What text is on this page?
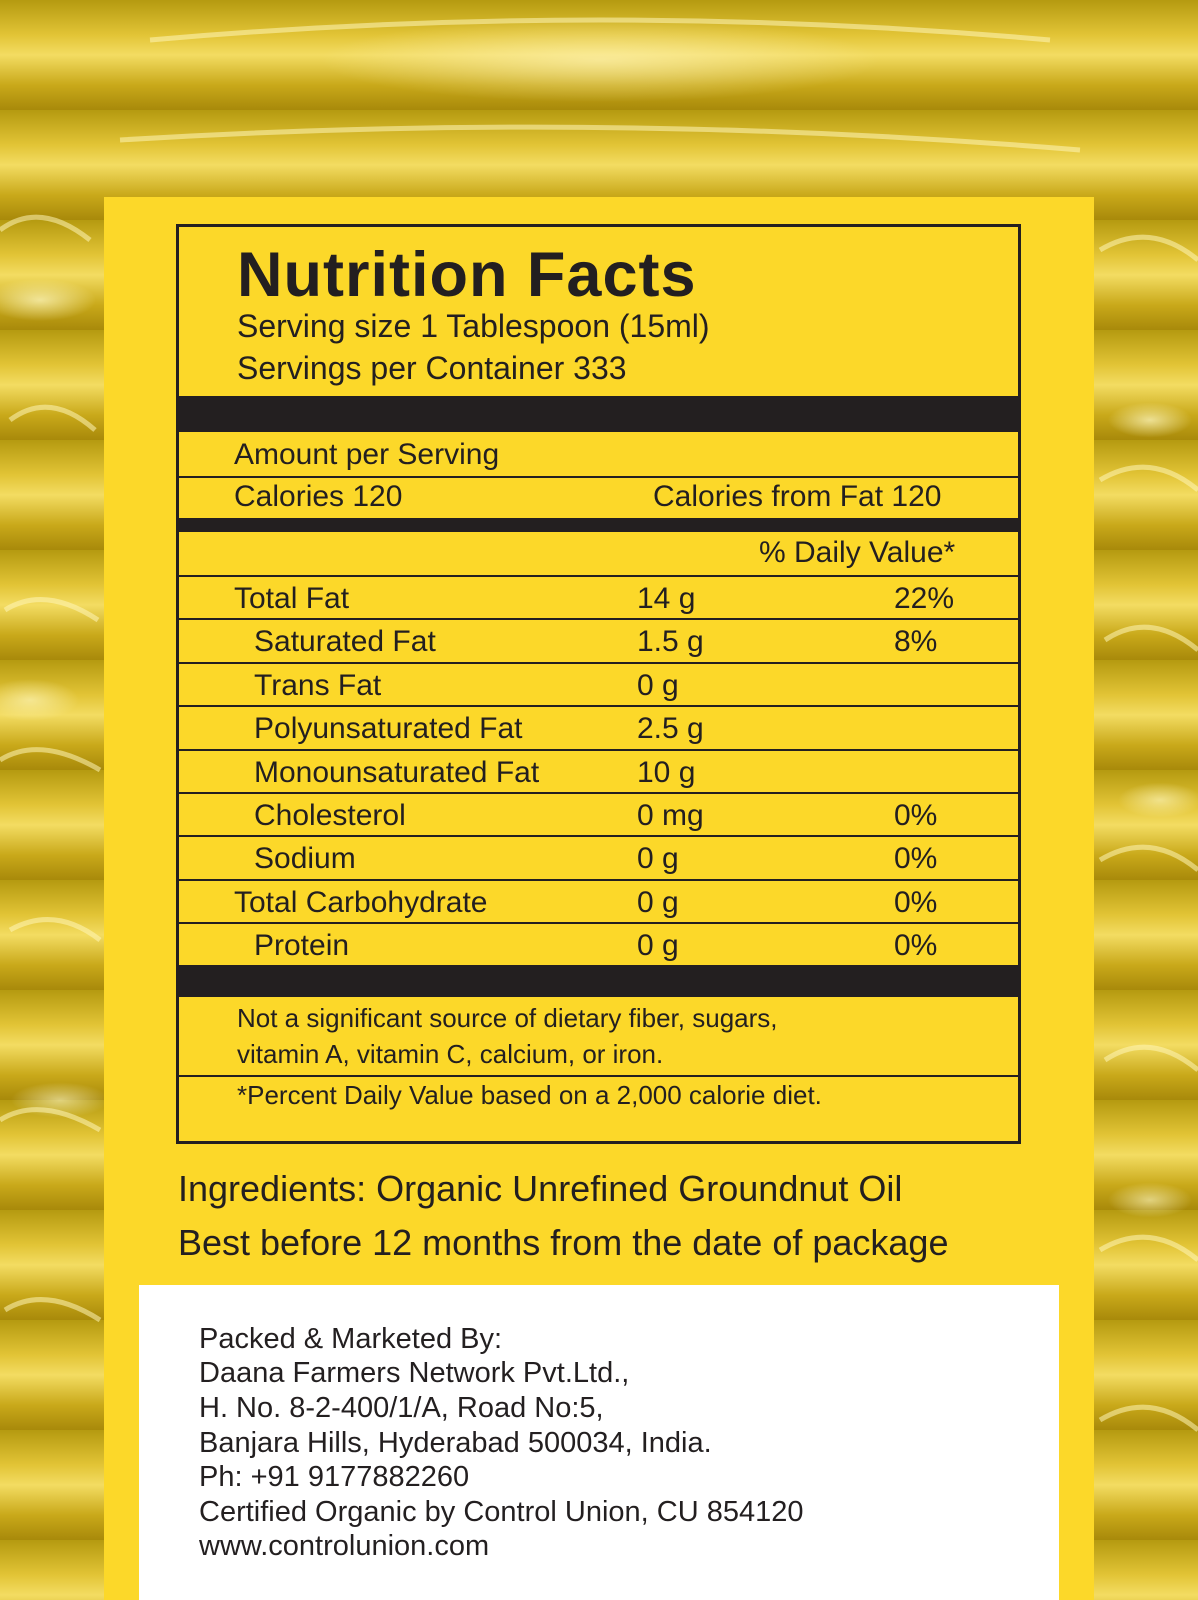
Nutrition Facts
Serving size 1 Tablespoon (15ml)
Servings per Container 333
Amount per Serving
Calories 120	Calories from Fat 120
% Daily Value*
Total Fat	14 g	22%
Saturated Fat	1.5 g	8%
Trans Fat	0 g
Polyunsaturated Fat	2.5 g
Monounsaturated Fat	10 g
Cholesterol	0 mg	0%
Sodium	0 g	0%
Total Carbohydrate	0 g	0%
Protein	0 g	0%
Not a significant source of dietary fiber, sugars,
vitamin A, vitamin C, calcium, or iron.
*Percent Daily Value based on a 2,000 calorie diet.
Ingredients: Organic Unrefined Groundnut Oil
Best before 12 months from the date of package
Packed & Marketed By:
Daana Farmers Network Pvt.Ltd.,
H. No. 8-2-400/1/A, Road No:5,
Banjara Hills, Hyderabad 500034, India.
Ph: +91 9177882260
Certified Organic by Control Union, CU 854120
www.controlunion.com
